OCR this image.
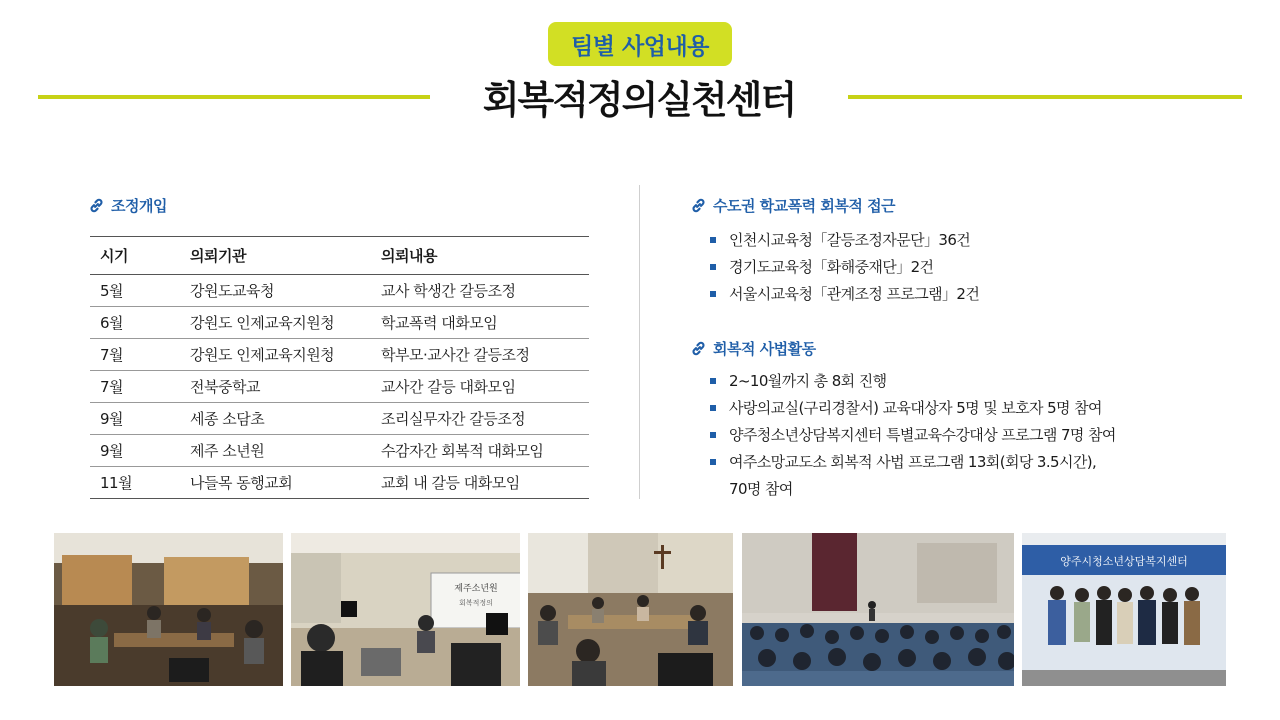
팀별 사업내용
회복적정의실천센터
조정개입
시기	의뢰기관	의뢰내용
5월	강원도교육청	교사 학생간 갈등조정
6월	강원도 인제교육지원청	학교폭력 대화모임
7월	강원도 인제교육지원청	학부모·교사간 갈등조정
7월	전북중학교	교사간 갈등 대화모임
9월	세종 소담초	조리실무자간 갈등조정
9월	제주 소년원	수감자간 회복적 대화모임
11월	나들목 동행교회	교회 내 갈등 대화모임
수도권 학교폭력 회복적 접근
인천시교육청「갈등조정자문단」36건
경기도교육청「화해중재단」2건
서울시교육청「관계조정 프로그램」2건
회복적 사법활동
2~10월까지 총 8회 진행
사랑의교실(구리경찰서) 교육대상자 5명 및 보호자 5명 참여
양주청소년상담복지센터 특별교육수강대상 프로그램 7명 참여
여주소망교도소 회복적 사법 프로그램 13회(회당 3.5시간),
70명 참여
제주소년원
회복적정의
양주시청소년상담복지센터
